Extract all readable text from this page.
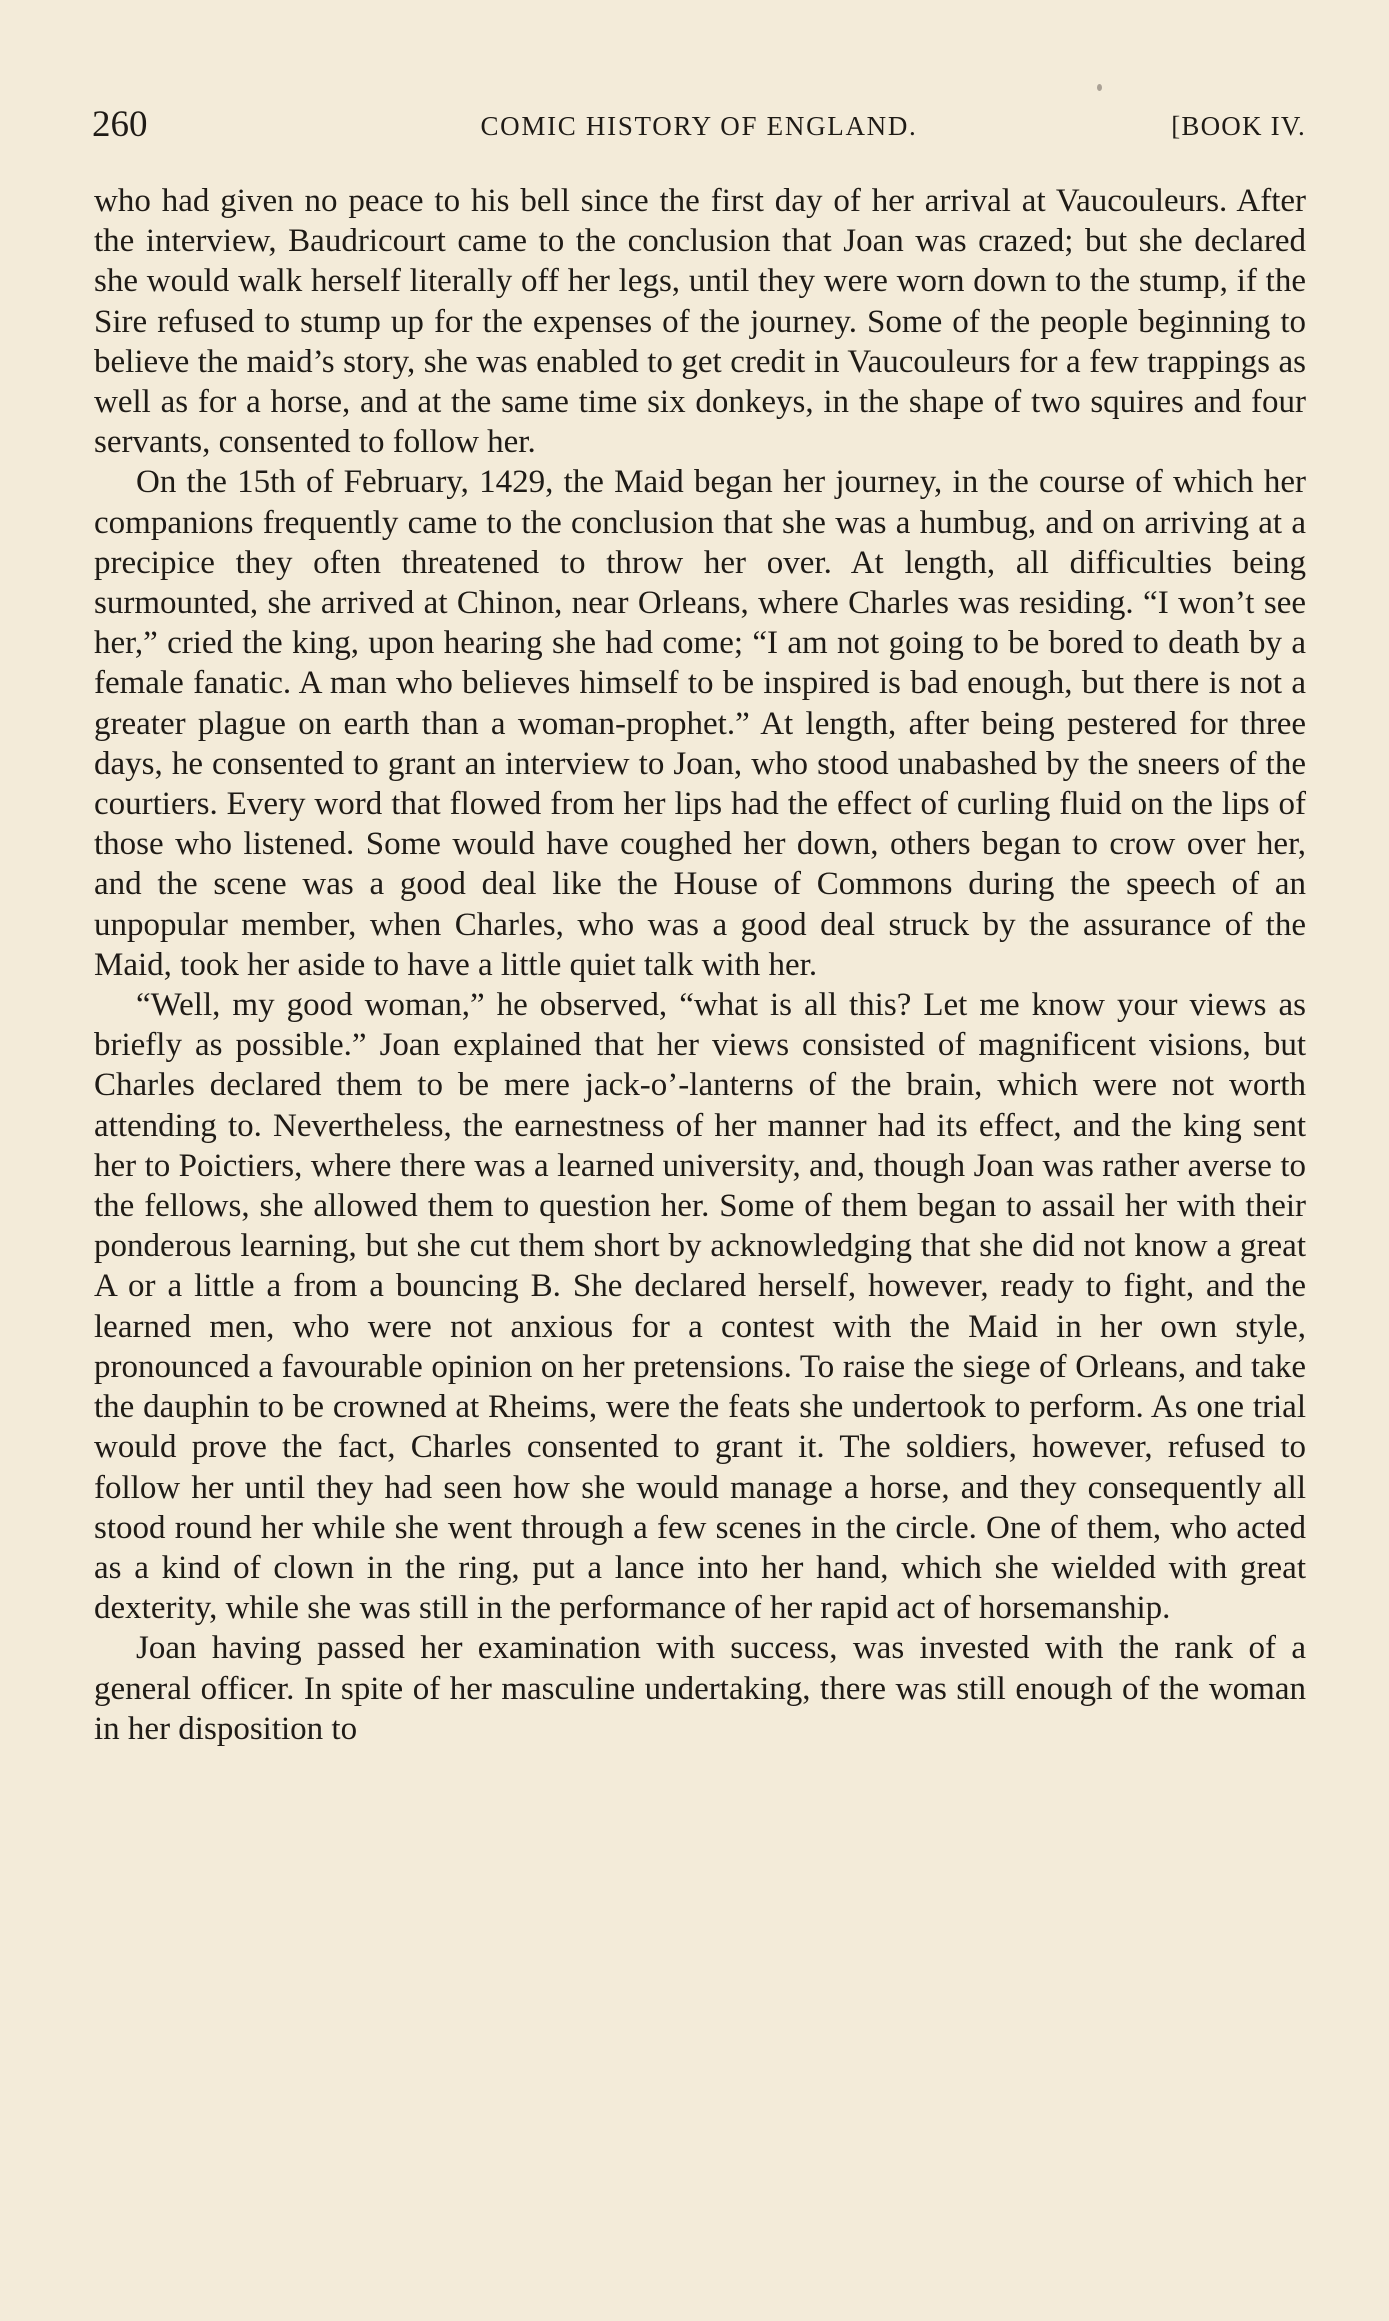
260	COMIC HISTORY OF ENGLAND.	[BOOK IV.

who had given no peace to his bell since the first day of her arrival at Vaucouleurs. After the interview, Baudricourt came to the conclusion that Joan was crazed; but she declared she would walk herself literally off her legs, until they were worn down to the stump, if the Sire refused to stump up for the expenses of the journey. Some of the people beginning to believe the maid’s story, she was enabled to get credit in Vaucouleurs for a few trappings as well as for a horse, and at the same time six donkeys, in the shape of two squires and four servants, consented to follow her.

On the 15th of February, 1429, the Maid began her journey, in the course of which her companions frequently came to the conclusion that she was a humbug, and on arriving at a precipice they often threatened to throw her over. At length, all difficulties being surmounted, she arrived at Chinon, near Orleans, where Charles was residing. “I won’t see her,” cried the king, upon hearing she had come; “I am not going to be bored to death by a female fanatic. A man who believes himself to be inspired is bad enough, but there is not a greater plague on earth than a woman-prophet.” At length, after being pestered for three days, he consented to grant an interview to Joan, who stood unabashed by the sneers of the courtiers. Every word that flowed from her lips had the effect of curling fluid on the lips of those who listened. Some would have coughed her down, others began to crow over her, and the scene was a good deal like the House of Commons during the speech of an unpopular member, when Charles, who was a good deal struck by the assurance of the Maid, took her aside to have a little quiet talk with her.

“Well, my good woman,” he observed, “what is all this? Let me know your views as briefly as possible.” Joan explained that her views consisted of magnificent visions, but Charles declared them to be mere jack-o’-lanterns of the brain, which were not worth attending to. Nevertheless, the earnestness of her manner had its effect, and the king sent her to Poictiers, where there was a learned university, and, though Joan was rather averse to the fellows, she allowed them to question her. Some of them began to assail her with their ponderous learning, but she cut them short by acknowledging that she did not know a great A or a little a from a bouncing B. She declared herself, however, ready to fight, and the learned men, who were not anxious for a contest with the Maid in her own style, pronounced a favourable opinion on her pretensions. To raise the siege of Orleans, and take the dauphin to be crowned at Rheims, were the feats she undertook to perform. As one trial would prove the fact, Charles consented to grant it. The soldiers, however, refused to follow her until they had seen how she would manage a horse, and they consequently all stood round her while she went through a few scenes in the circle. One of them, who acted as a kind of clown in the ring, put a lance into her hand, which she wielded with great dexterity, while she was still in the performance of her rapid act of horsemanship.

Joan having passed her examination with success, was invested with the rank of a general officer. In spite of her masculine undertaking, there was still enough of the woman in her disposition to
